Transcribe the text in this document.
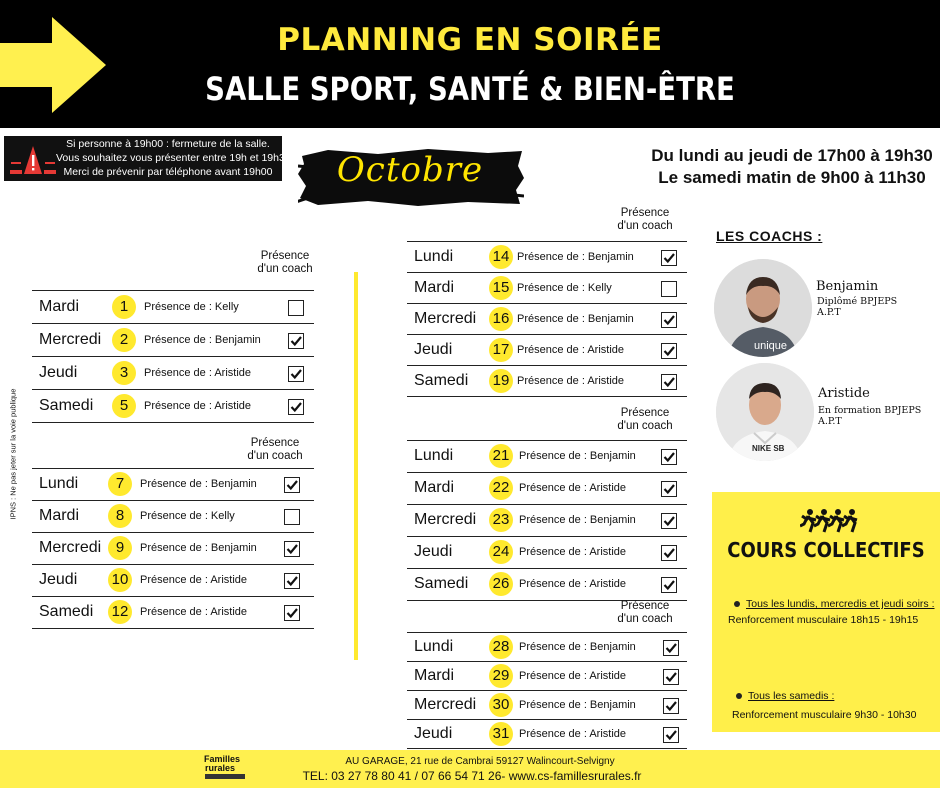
PLANNING EN SOIRÉE
SALLE SPORT, SANTÉ & BIEN-ÊTRE
Si personne à 19h00 : fermeture de la salle.
Vous souhaitez vous présenter entre 19h et 19h30 ?
Merci de prévenir par téléphone avant 19h00	Octobre	Du lundi au jeudi de 17h00 à 19h30
Le samedi matin de 9h00 à 11h30
IPNS : Ne pas jeter sur la voie publique
Présence
d'un coach
Mardi	1	Présence de : Kelly
Mercredi	2	Présence de : Benjamin
Jeudi	3	Présence de : Aristide
Samedi	5	Présence de : Aristide
Présence
d'un coach
Lundi	7	Présence de : Benjamin
Mardi	8	Présence de : Kelly
Mercredi 9	Présence de : Benjamin
Jeudi 10	Présence de : Aristide
Samedi 12	Présence de : Aristide
Présence
d'un coach
Lundi	14 Présence de : Benjamin
Mardi	15 Présence de : Kelly
Mercredi 16 Présence de : Benjamin
Jeudi	17 Présence de : Aristide
Samedi 19 Présence de : Aristide
Présence
d'un coach
Lundi	21 Présence de : Benjamin
Mardi	22 Présence de : Aristide
Mercredi 23 Présence de : Benjamin
Jeudi	24 Présence de : Aristide
Samedi 26 Présence de : Aristide
Présence
d'un coach
Lundi	28 Présence de : Benjamin
Mardi	29 Présence de : Aristide
Mercredi 30 Présence de : Benjamin
Jeudi	31 Présence de : Aristide
LES COACHS :
unique
Benjamin
Diplômé BPJEPS
A.P.T
NIKE SB
Aristide
En formation BPJEPS
A.P.T
COURS COLLECTIFS
Tous les lundis, mercredis et jeudi soirs :
Renforcement musculaire 18h15 - 19h15
Tous les samedis :
Renforcement musculaire 9h30 - 10h30
AU GARAGE, 21 rue de Cambrai 59127 Walincourt-Selvigny
TEL: 03 27 78 80 41 / 07 66 54 71 26- www.cs-famillesrurales.fr
Familles
rurales
